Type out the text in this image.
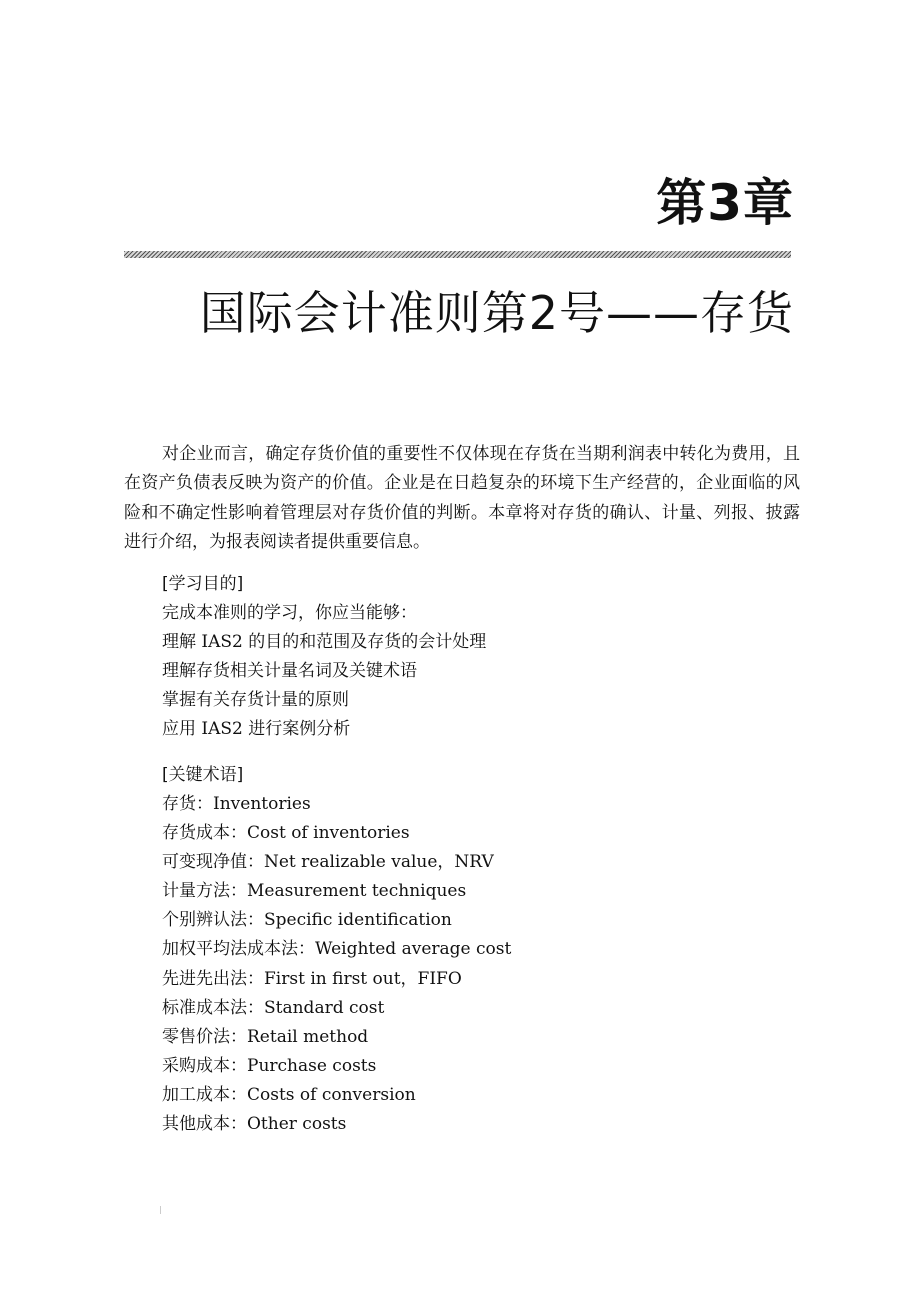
第3章
国际会计准则第2号——存货

对企业而言，确定存货价值的重要性不仅体现在存货在当期利润表中转化为费用，且在资产负债表反映为资产的价值。企业是在日趋复杂的环境下生产经营的，企业面临的风险和不确定性影响着管理层对存货价值的判断。本章将对存货的确认、计量、列报、披露进行介绍，为报表阅读者提供重要信息。

[学习目的]
完成本准则的学习，你应当能够：
理解 IAS2 的目的和范围及存货的会计处理
理解存货相关计量名词及关键术语
掌握有关存货计量的原则
应用 IAS2 进行案例分析
[关键术语]
存货：Inventories
存货成本：Cost of inventories
可变现净值：Net realizable value，NRV
计量方法：Measurement techniques
个别辨认法：Specific identification
加权平均法成本法：Weighted average cost
先进先出法：First in first out，FIFO
标准成本法：Standard cost
零售价法：Retail method
采购成本：Purchase costs
加工成本：Costs of conversion
其他成本：Other costs
